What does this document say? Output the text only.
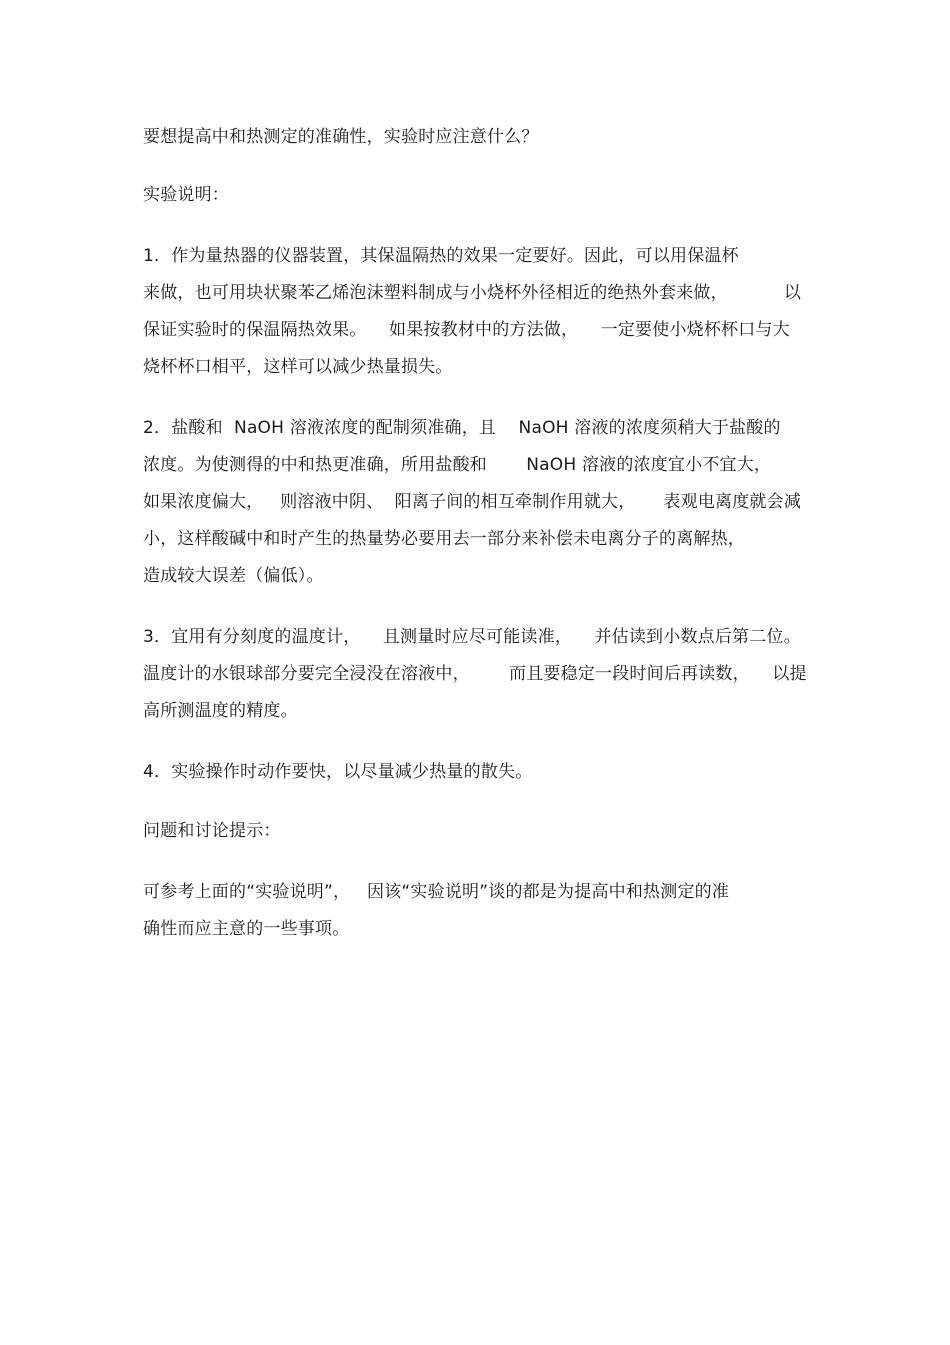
要想提高中和热测定的准确性，实验时应注意什么？
实验说明：
1．作为量热器的仪器装置，其保温隔热的效果一定要好。因此，可以用保温杯
来做，也可用块状聚苯乙烯泡沫塑料制成与小烧杯外径相近的绝热外套来做，          以
保证实验时的保温隔热效果。    如果按教材中的方法做，    一定要使小烧杯杯口与大
烧杯杯口相平，这样可以减少热量损失。
2．盐酸和  NaOH 溶液浓度的配制须准确，且    NaOH 溶液的浓度须稍大于盐酸的
浓度。为使测得的中和热更准确，所用盐酸和       NaOH 溶液的浓度宜小不宜大，
如果浓度偏大，   则溶液中阴、  阳离子间的相互牵制作用就大，     表观电离度就会减
小，这样酸碱中和时产生的热量势必要用去一部分来补偿未电离分子的离解热，
造成较大误差（偏低）。
3．宜用有分刻度的温度计，    且测量时应尽可能读准，    并估读到小数点后第二位。
温度计的水银球部分要完全浸没在溶液中，       而且要稳定一段时间后再读数，    以提
高所测温度的精度。
4．实验操作时动作要快，以尽量减少热量的散失。
问题和讨论提示：
可参考上面的“实验说明”，   因该“实验说明”谈的都是为提高中和热测定的准
确性而应主意的一些事项。
